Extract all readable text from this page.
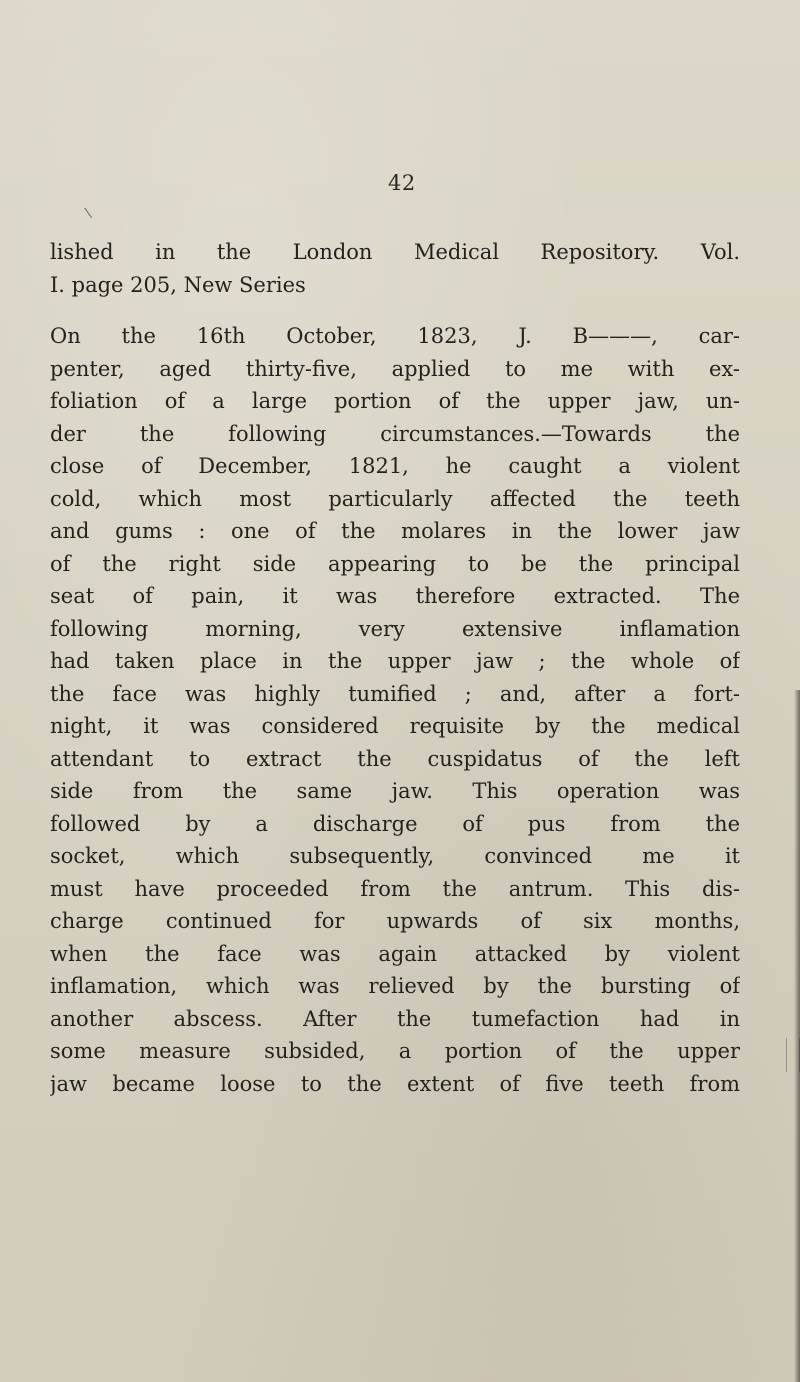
42
lished in the London Medical Repository. Vol.
I. page 205, New Series
On the 16th October, 1823, J. B———, car-
penter, aged thirty-five, applied to me with ex-
foliation of a large portion of the upper jaw, un-
der the following circumstances.—Towards the
close of December, 1821, he caught a violent
cold, which most particularly affected the teeth
and gums : one of the molares in the lower jaw
of the right side appearing to be the principal
seat of pain, it was therefore extracted. The
following morning, very extensive inflamation
had taken place in the upper jaw ; the whole of
the face was highly tumified ; and, after a fort-
night, it was considered requisite by the medical
attendant to extract the cuspidatus of the left
side from the same jaw. This operation was
followed by a discharge of pus from the
socket, which subsequently, convinced me it
must have proceeded from the antrum. This dis-
charge continued for upwards of six months,
when the face was again attacked by violent
inflamation, which was relieved by the bursting of
another abscess. After the tumefaction had in
some measure subsided, a portion of the upper
jaw became loose to the extent of five teeth from
